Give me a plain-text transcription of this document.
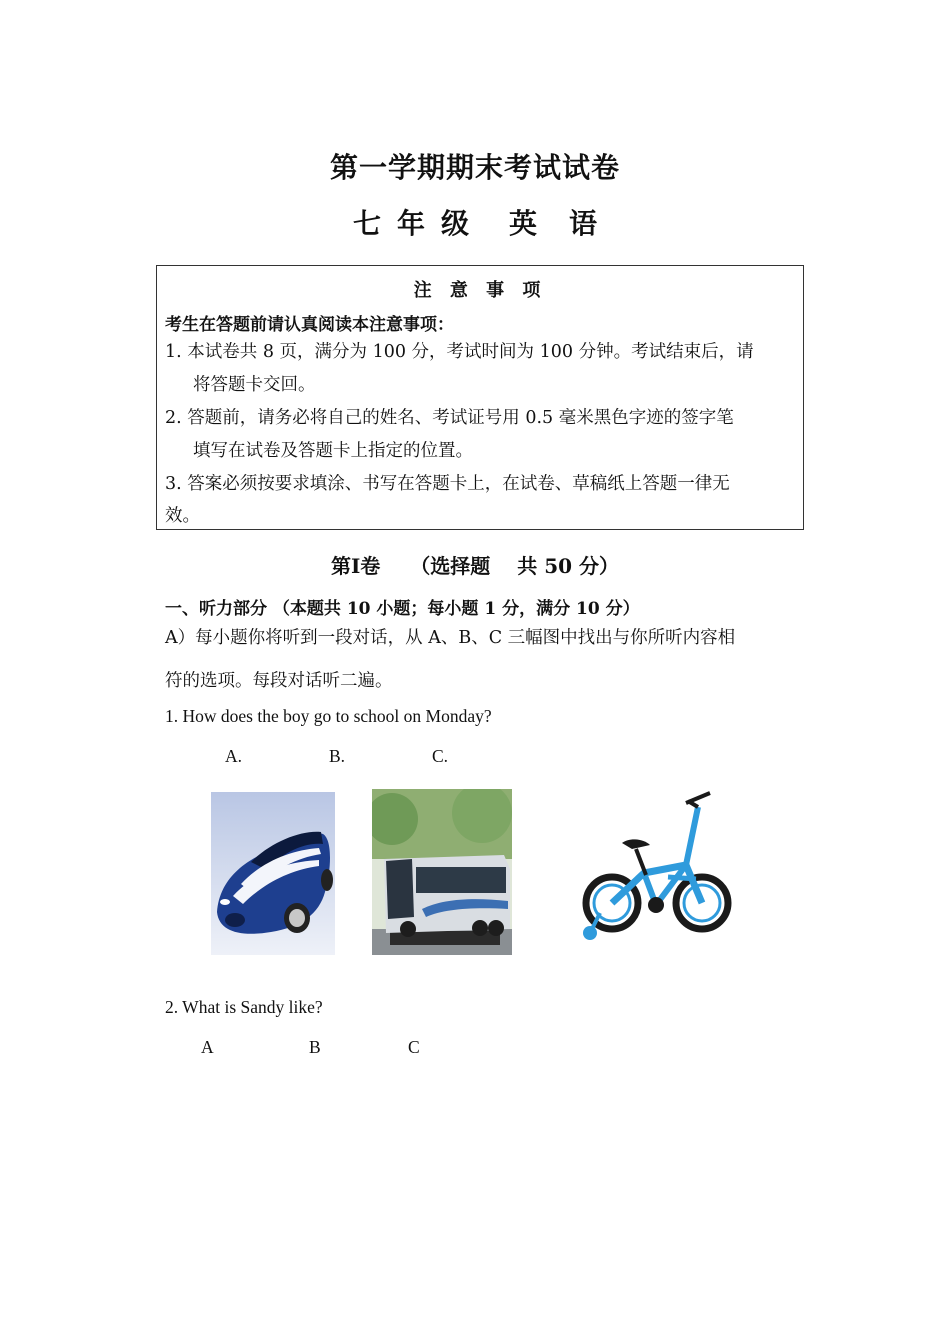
第一学期期末考试试卷
七 年 级 英 语
注 意 事 项
考生在答题前请认真阅读本注意事项：
1. 本试卷共 8 页，满分为 100 分，考试时间为 100 分钟。考试结束后，请
将答题卡交回。
2. 答题前，请务必将自己的姓名、考试证号用 0.5 毫米黑色字迹的签字笔
填写在试卷及答题卡上指定的位置。
3. 答案必须按要求填涂、书写在答题卡上，在试卷、草稿纸上答题一律无
效。
第Ⅰ卷　　（选择题　 共 50 分）
一、听力部分 （本题共 10 小题；每小题 1 分，满分 10 分）
A）每小题你将听到一段对话，从 A、B、C 三幅图中找出与你所听内容相
符的选项。每段对话听二遍。
1. How does the boy go to school on Monday?
A.	B.	C.
2. What is Sandy like?
A	B	C
